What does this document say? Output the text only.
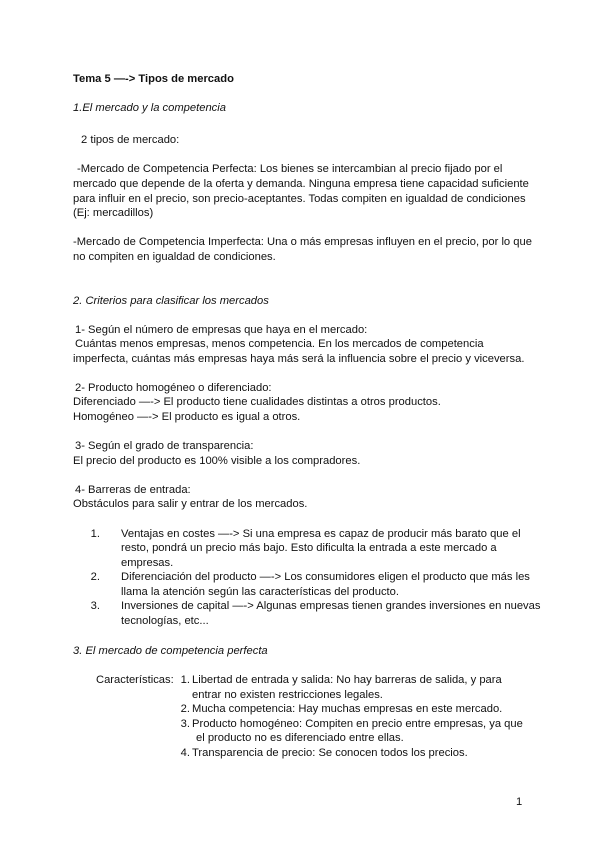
Tema 5 —-> Tipos de mercado

1.El mercado y la competencia

2 tipos de mercado:

-Mercado de Competencia Perfecta: Los bienes se intercambian al precio fijado por el

mercado que depende de la oferta y demanda. Ninguna empresa tiene capacidad suficiente

para influir en el precio, son precio-aceptantes. Todas compiten en igualdad de condiciones

(Ej: mercadillos)

-Mercado de Competencia Imperfecta: Una o más empresas influyen en el precio, por lo que

no compiten en igualdad de condiciones.

2. Criterios para clasificar los mercados

1- Según el número de empresas que haya en el mercado:

Cuántas menos empresas, menos competencia. En los mercados de competencia

imperfecta, cuántas más empresas haya más será la influencia sobre el precio y viceversa.

2- Producto homogéneo o diferenciado:

Diferenciado —-> El producto tiene cualidades distintas a otros productos.

Homogéneo —-> El producto es igual a otros.

3- Según el grado de transparencia:

El precio del producto es 100% visible a los compradores.

4- Barreras de entrada:

Obstáculos para salir y entrar de los mercados.

1. Ventajas en costes —-> Si una empresa es capaz de producir más barato que el

resto, pondrá un precio más bajo. Esto dificulta la entrada a este mercado a

empresas.

2. Diferenciación del producto —-> Los consumidores eligen el producto que más les

llama la atención según las características del producto.

3. Inversiones de capital —-> Algunas empresas tienen grandes inversiones en nuevas

tecnologías, etc...

3. El mercado de competencia perfecta

Características: 1. Libertad de entrada y salida: No hay barreras de salida, y para

entrar no existen restricciones legales.

2. Mucha competencia: Hay muchas empresas en este mercado.

3. Producto homogéneo: Compiten en precio entre empresas, ya que

el producto no es diferenciado entre ellas.

4. Transparencia de precio: Se conocen todos los precios.

1
